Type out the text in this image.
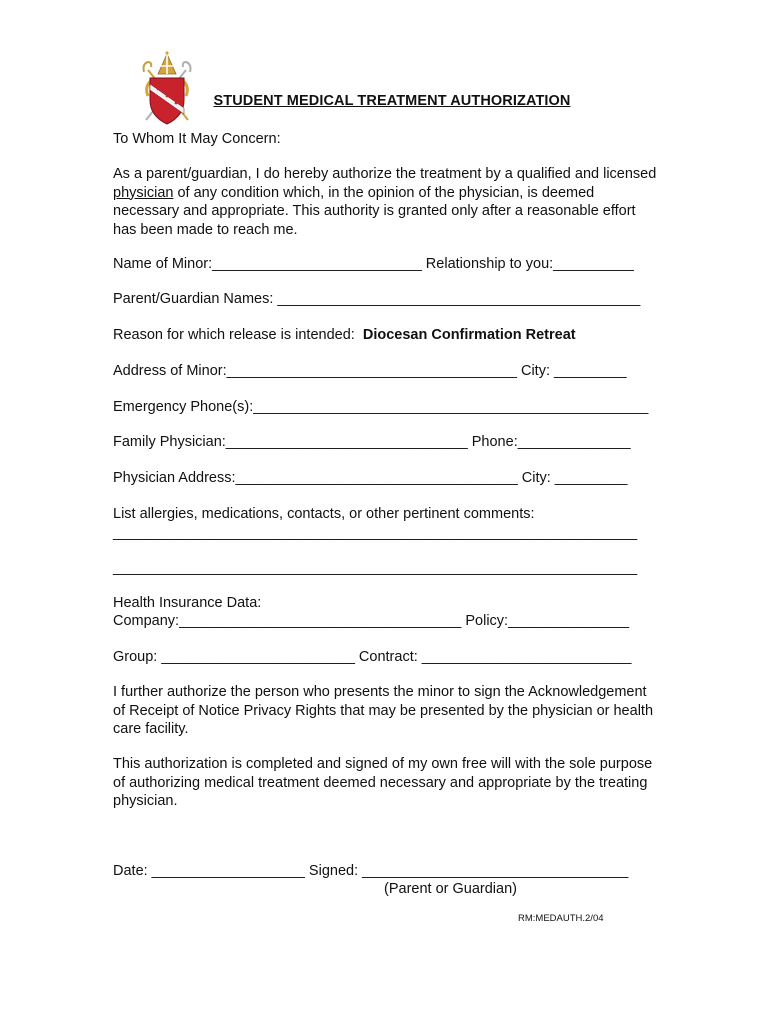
STUDENT MEDICAL TREATMENT AUTHORIZATION
To Whom It May Concern:
As a parent/guardian, I do hereby authorize the treatment by a qualified and licensed physician of any condition which, in the opinion of the physician, is deemed necessary and appropriate. This authority is granted only after a reasonable effort has been made to reach me.
Name of Minor:__________________________ Relationship to you:__________
Parent/Guardian Names: _____________________________________________
Reason for which release is intended:  Diocesan Confirmation Retreat
Address of Minor:____________________________________ City: _________
Emergency Phone(s):_________________________________________________
Family Physician:______________________________ Phone:______________
Physician Address:___________________________________ City: _________
List allergies, medications, contacts, or other pertinent comments:
_________________________________________________________________
_________________________________________________________________
Health Insurance Data:
Company:___________________________________ Policy:_______________
Group: ________________________ Contract: __________________________
I further authorize the person who presents the minor to sign the Acknowledgement of Receipt of Notice Privacy Rights that may be presented by the physician or health care facility.
This authorization is completed and signed of my own free will with the sole purpose of authorizing medical treatment deemed necessary and appropriate by the treating physician.
Date: ___________________ Signed: _________________________________
(Parent or Guardian)
RM:MEDAUTH.2/04
